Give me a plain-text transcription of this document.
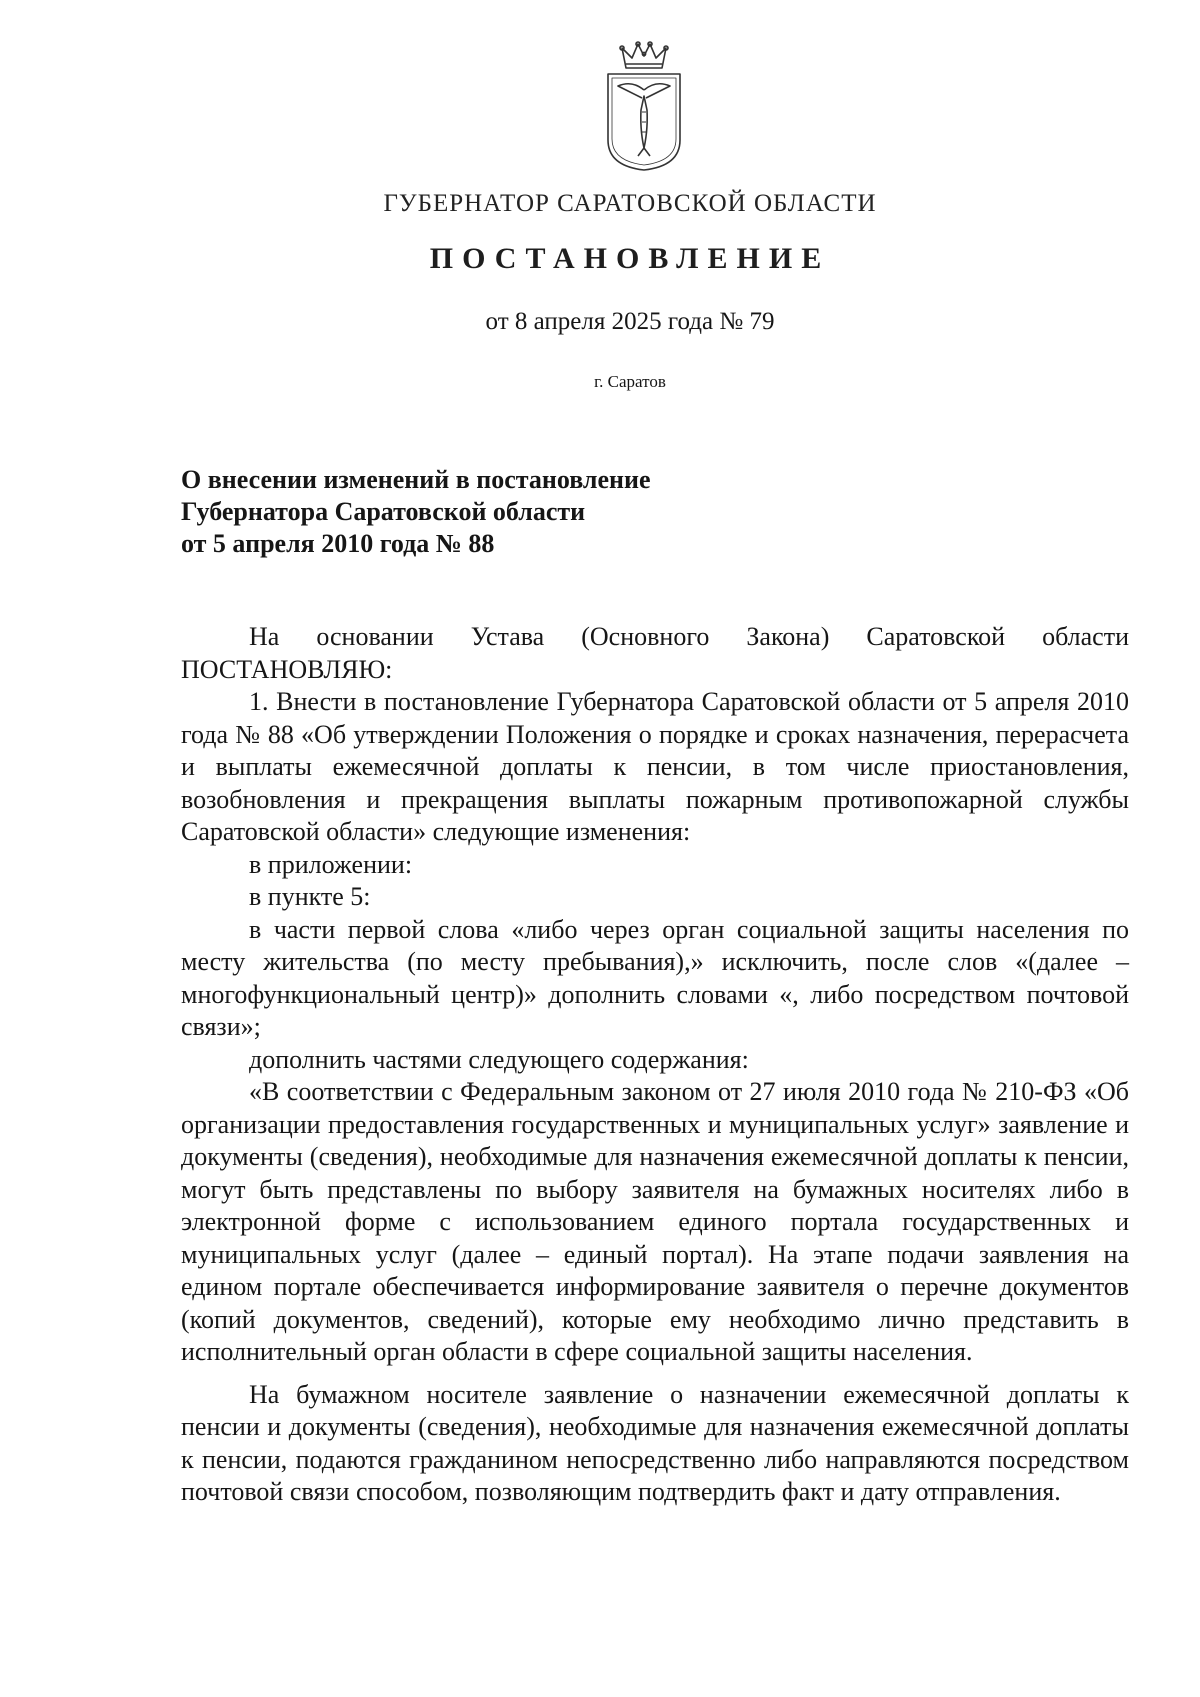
ГУБЕРНАТОР САРАТОВСКОЙ ОБЛАСТИ
ПОСТАНОВЛЕНИЕ
от 8 апреля 2025 года № 79
г. Саратов
О внесении изменений в постановление
Губернатора Саратовской области
от 5 апреля 2010 года № 88

На основании Устава (Основного Закона) Саратовской области ПОСТАНОВЛЯЮ:

1. Внести в постановление Губернатора Саратовской области от 5 апреля 2010 года № 88 «Об утверждении Положения о порядке и сроках назначения, перерасчета и выплаты ежемесячной доплаты к пенсии, в том числе приостановления, возобновления и прекращения выплаты пожарным противопожарной службы Саратовской области» следующие изменения:

в приложении:

в пункте 5:

в части первой слова «либо через орган социальной защиты населения по месту жительства (по месту пребывания),» исключить, после слов «(далее – многофункциональный центр)» дополнить словами «, либо посредством почтовой связи»;

дополнить частями следующего содержания:

«В соответствии с Федеральным законом от 27 июля 2010 года № 210-ФЗ «Об организации предоставления государственных и муниципальных услуг» заявление и документы (сведения), необходимые для назначения ежемесячной доплаты к пенсии, могут быть представлены по выбору заявителя на бумажных носителях либо в электронной форме с использованием единого портала государственных и муниципальных услуг (далее – единый портал). На этапе подачи заявления на едином портале обеспечивается информирование заявителя о перечне документов (копий документов, сведений), которые ему необходимо лично представить в исполнительный орган области в сфере социальной защиты населения.

На бумажном носителе заявление о назначении ежемесячной доплаты к пенсии и документы (сведения), необходимые для назначения ежемесячной доплаты к пенсии, подаются гражданином непосредственно либо направляются посредством почтовой связи способом, позволяющим подтвердить факт и дату отправления.
